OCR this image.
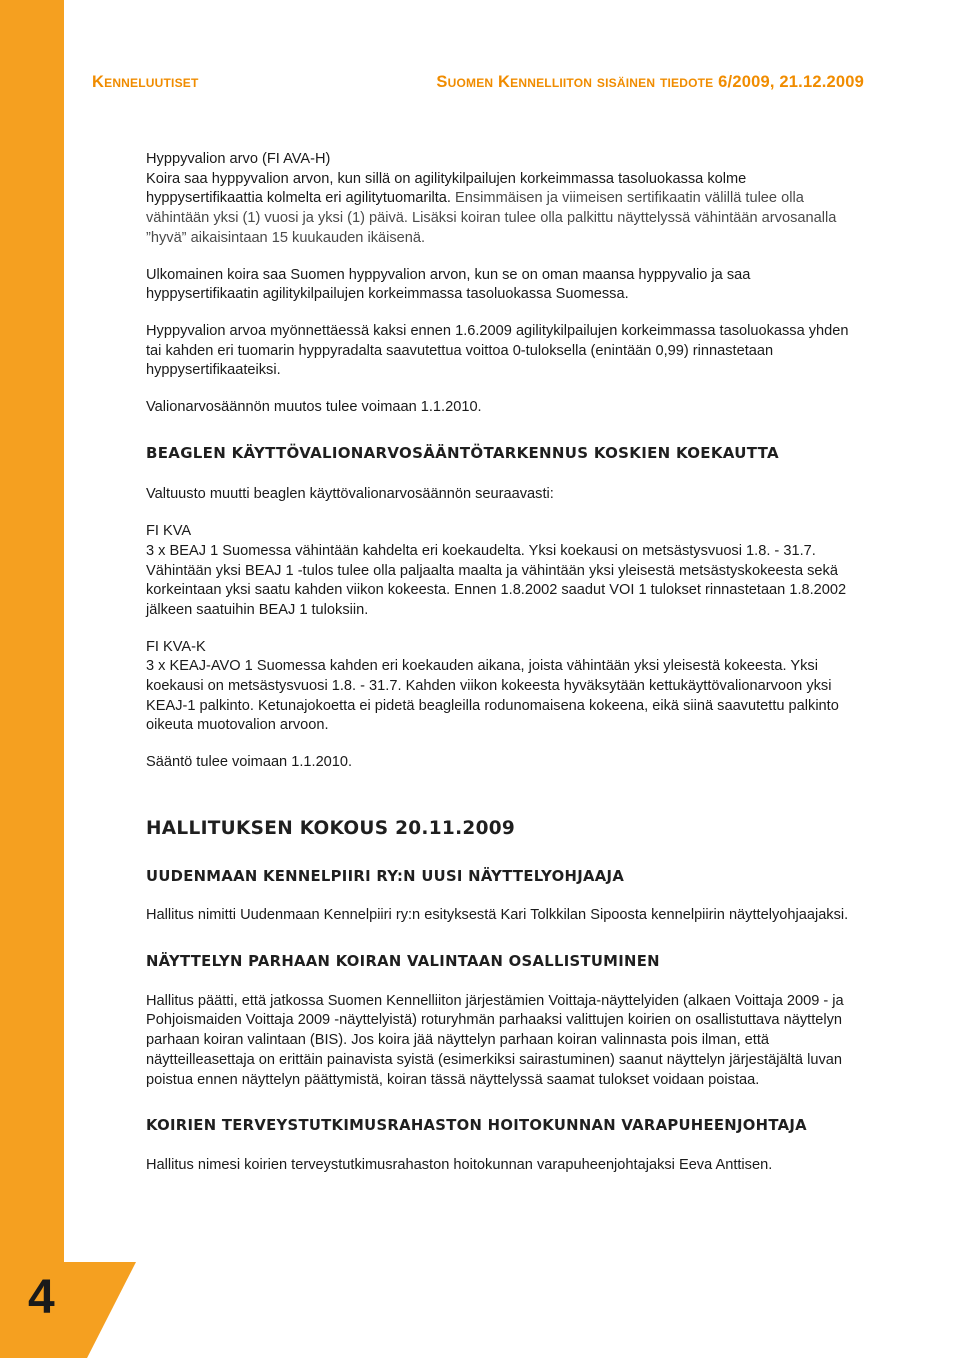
4
Kenneluutiset	Suomen Kennelliiton sisäinen tiedote 6/2009, 21.12.2009

Hyppyvalion arvo (FI AVA-H)

Koira saa hyppyvalion arvon, kun sillä on agilitykilpailujen korkeimmassa tasoluokassa kolme hyppysertifikaattia kolmelta eri agilitytuomarilta. Ensimmäisen ja viimeisen sertifikaatin välillä tulee olla vähintään yksi (1) vuosi ja yksi (1) päivä. Lisäksi koiran tulee olla palkittu näyttelyssä vähintään arvosanalla ”hyvä” aikaisintaan 15 kuukauden ikäisenä.

Ulkomainen koira saa Suomen hyppyvalion arvon, kun se on oman maansa hyppyvalio ja saa hyppysertifikaatin agilitykilpailujen korkeimmassa tasoluokassa Suomessa.

Hyppyvalion arvoa myönnettäessä kaksi ennen 1.6.2009 agilitykilpailujen korkeimmassa tasoluokassa yhden tai kahden eri tuomarin hyppyradalta saavutettua voittoa 0-tuloksella (enintään 0,99) rinnastetaan hyppysertifikaateiksi.

Valionarvosäännön muutos tulee voimaan 1.1.2010.

BEAGLEN KÄYTTÖVALIONARVOSÄÄNTÖTARKENNUS KOSKIEN KOEKAUTTA

Valtuusto muutti beaglen käyttövalionarvosäännön seuraavasti:

FI KVA

3 x BEAJ 1 Suomessa vähintään kahdelta eri koekaudelta. Yksi koekausi on metsästysvuosi 1.8. - 31.7. Vähintään yksi BEAJ 1 -tulos tulee olla paljaalta maalta ja vähintään yksi yleisestä metsästyskokeesta sekä korkeintaan yksi saatu kahden viikon kokeesta. Ennen 1.8.2002 saadut VOI 1 tulokset rinnastetaan 1.8.2002 jälkeen saatuihin BEAJ 1 tuloksiin.

FI KVA-K

3 x KEAJ-AVO 1 Suomessa kahden eri koekauden aikana, joista vähintään yksi yleisestä kokeesta. Yksi koekausi on metsästysvuosi 1.8. - 31.7. Kahden viikon kokeesta hyväksytään kettukäyttövalionarvoon yksi KEAJ-1 palkinto. Ketunajokoetta ei pidetä beagleilla rodunomaisena kokeena, eikä siinä saavutettu palkinto oikeuta muotovalion arvoon.

Sääntö tulee voimaan 1.1.2010.

HALLITUKSEN KOKOUS 20.11.2009
UUDENMAAN KENNELPIIRI RY:N UUSI NÄYTTELYOHJAAJA

Hallitus nimitti Uudenmaan Kennelpiiri ry:n esityksestä Kari Tolkkilan Sipoosta kennelpiirin näyttelyohjaajaksi.

NÄYTTELYN PARHAAN KOIRAN VALINTAAN OSALLISTUMINEN

Hallitus päätti, että jatkossa Suomen Kennelliiton järjestämien Voittaja-näyttelyiden (alkaen Voittaja 2009 - ja Pohjoismaiden Voittaja 2009 -näyttelyistä) roturyhmän parhaaksi valittujen koirien on osallistuttava näyttelyn parhaan koiran valintaan (BIS). Jos koira jää näyttelyn parhaan koiran valinnasta pois ilman, että näytteilleasettaja on erittäin painavista syistä (esimerkiksi sairastuminen) saanut näyttelyn järjestäjältä luvan poistua ennen näyttelyn päättymistä, koiran tässä näyttelyssä saamat tulokset voidaan poistaa.

KOIRIEN TERVEYSTUTKIMUSRAHASTON HOITOKUNNAN VARAPUHEENJOHTAJA

Hallitus nimesi koirien terveystutkimusrahaston hoitokunnan varapuheenjohtajaksi Eeva Anttisen.
